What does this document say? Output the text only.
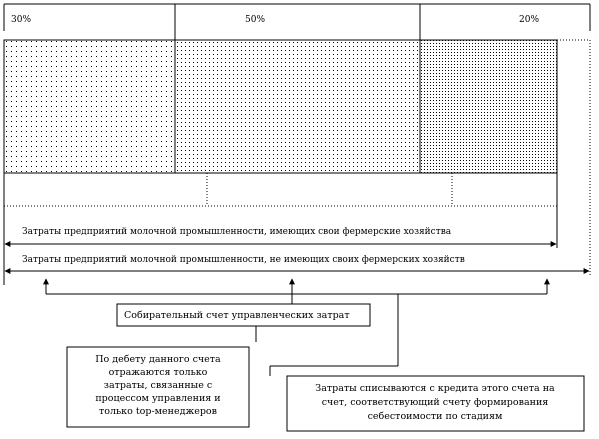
30%	50%	20%
Затраты предприятий молочной промышленности, имеющих свои фермерские хозяйства
Затраты предприятий молочной промышленности, не имеющих своих фермерских хозяйств
Собирательный счет управленческих затрат
По дебету данного счета
отражаются только
затраты, связанные с
процессом управления и
только top-менеджеров
Затраты списываются с кредита этого счета на
счет, соответствующий счету формирования
себестоимости по стадиям
